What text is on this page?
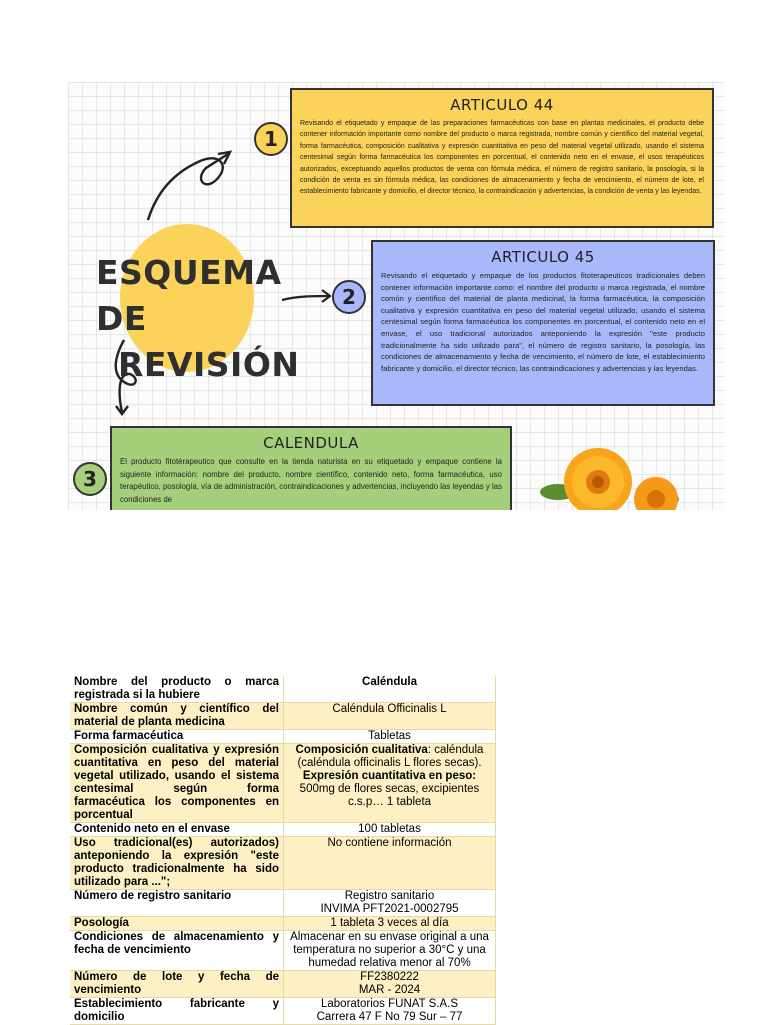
ESQUEMA DE
REVISIÓN
1
ARTICULO 44

Revisando el etiquetado y empaque de las preparaciones farmacéuticas con base en plantas medicinales, el producto debe contener información importante como nombre del producto o marca registrada, nombre común y científico del material vegetal, forma farmacéutica, composición cualitativa y expresión cuantitativa en peso del material vegetal utilizado, usando el sistema centesimal según forma farmacéutica los componentes en porcentual, el contenido neto en el envase, el usos terapéuticos autorizados, exceptuando aquellos productos de venta con fórmula médica, el número de registro sanitario, la posología, si la condición de venta es sin fórmula médica, las condiciones de almacenamiento y fecha de vencimiento, el número de lote, el establecimiento fabricante y domicilio, el director técnico, la contraindicación y advertencias, la condición de venta y las leyendas.

2
ARTICULO 45

Revisando el etiquetado y empaque de los productos fitoterapeuticos tradicionales deben contener información importante como: el nombre del producto o marca registrada, el nombre común y científico del material de planta medicinal, la forma farmacéutica, la composición cualitativa y expresión cuantitativa en peso del material vegetal utilizado, usando el sistema centesimal según forma farmacéutica los componentes en porcentual, el contenido neto en el envase, el uso tradicional autorizados anteponiendo la expresión "este producto tradicionalmente ha sido utilizado para", el número de registro sanitario, la posología, las condiciones de almacenamiento y fecha de vencimiento, el número de lote, el establecimiento fabricante y domicilio, el director técnico, las contraindicaciones y advertencias y las leyendas.

3
CALENDULA

El producto fitotérapeutico que consulte en la tienda naturista en su etiquetado y empaque contiene la siguiente información: nombre del producto, nombre científico, contenido neto, forma farmacéutica, uso terapéutico, posología, vía de administración, contraindicaciones y advertencias, incluyendo las leyendas y las condiciones de

Nombre del producto o marca registrada si la hubiere	Caléndula
Nombre común y científico del material de planta medicina	Caléndula Officinalis L
Forma farmacéutica	Tabletas
Composición cualitativa y expresión cuantitativa en peso del material vegetal utilizado, usando el sistema centesimal según forma farmacéutica los componentes en porcentual	Composición cualitativa: caléndula (caléndula officinalis L flores secas).
Expresión cuantitativa en peso:
500mg de flores secas, excipientes c.s.p… 1 tableta
Contenido neto en el envase	100 tabletas
Uso tradicional(es) autorizados) anteponiendo la expresión "este producto tradicionalmente ha sido utilizado para ...";	No contiene información
Número de registro sanitario	Registro sanitario
INVIMA PFT2021-0002795
Posología	1 tableta 3 veces al día
Condiciones de almacenamiento y fecha de vencimiento	Almacenar en su envase original a una temperatura no superior a 30°C y una humedad relativa menor al 70%
Número de lote y fecha de vencimiento	FF2380222
MAR - 2024
Establecimiento fabricante y domicilio	Laboratorios FUNAT S.A.S
Carrera 47 F No 79 Sur – 77
